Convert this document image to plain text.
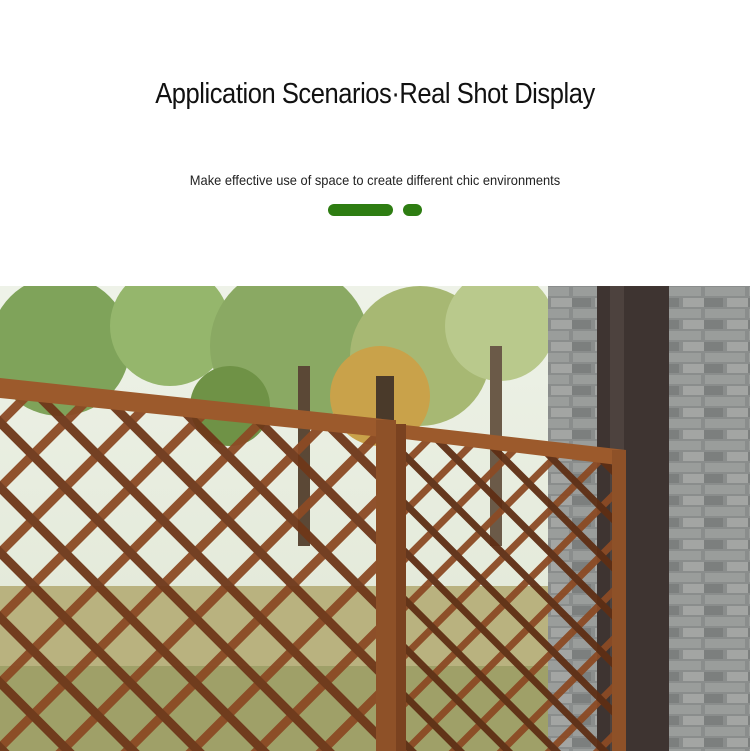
Application Scenarios·Real Shot Display

Make effective use of space to create different chic environments
